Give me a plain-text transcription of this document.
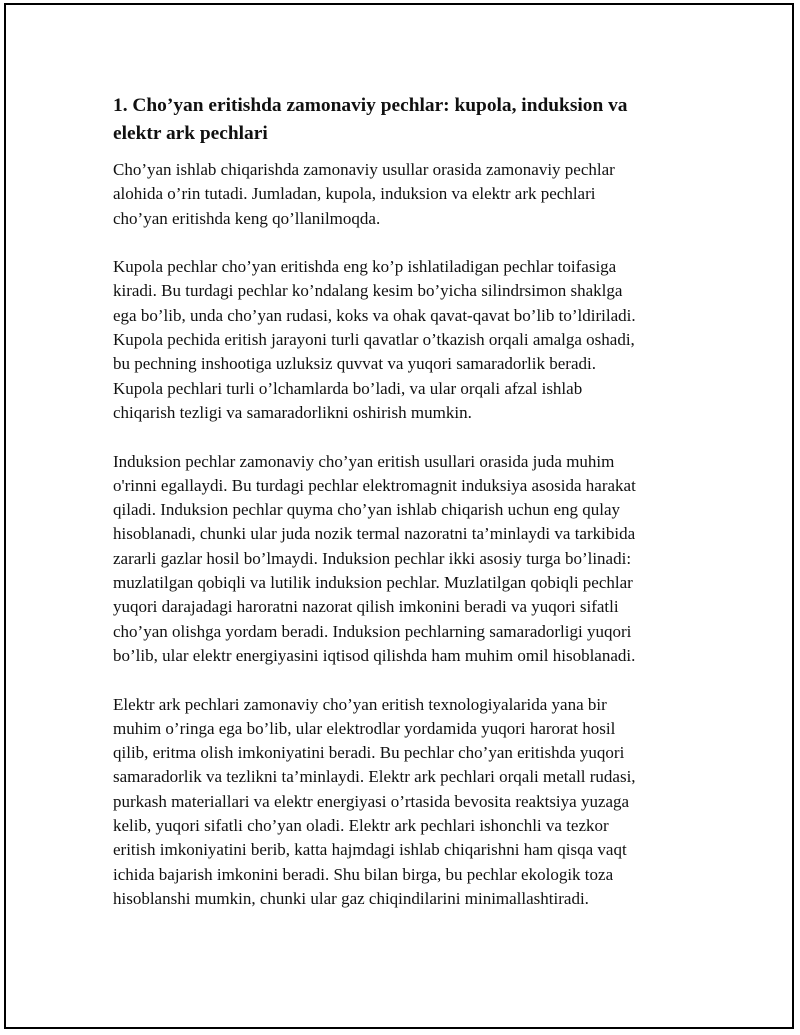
1. Cho’yan eritishda zamonaviy pechlar: kupola, induksion va
elektr ark pechlari

Cho’yan ishlab chiqarishda zamonaviy usullar orasida zamonaviy pechlar
alohida o’rin tutadi. Jumladan, kupola, induksion va elektr ark pechlari
cho’yan eritishda keng qo’llanilmoqda.

Kupola pechlar cho’yan eritishda eng ko’p ishlatiladigan pechlar toifasiga
kiradi. Bu turdagi pechlar ko’ndalang kesim bo’yicha silindrsimon shaklga
ega bo’lib, unda cho’yan rudasi, koks va ohak qavat-qavat bo’lib to’ldiriladi.
Kupola pechida eritish jarayoni turli qavatlar o’tkazish orqali amalga oshadi,
bu pechning inshootiga uzluksiz quvvat va yuqori samaradorlik beradi.
Kupola pechlari turli o’lchamlarda bo’ladi, va ular orqali afzal ishlab
chiqarish tezligi va samaradorlikni oshirish mumkin.

Induksion pechlar zamonaviy cho’yan eritish usullari orasida juda muhim
o'rinni egallaydi. Bu turdagi pechlar elektromagnit induksiya asosida harakat
qiladi. Induksion pechlar quyma cho’yan ishlab chiqarish uchun eng qulay
hisoblanadi, chunki ular juda nozik termal nazoratni ta’minlaydi va tarkibida
zararli gazlar hosil bo’lmaydi. Induksion pechlar ikki asosiy turga bo’linadi:
muzlatilgan qobiqli va lutilik induksion pechlar. Muzlatilgan qobiqli pechlar
yuqori darajadagi haroratni nazorat qilish imkonini beradi va yuqori sifatli
cho’yan olishga yordam beradi. Induksion pechlarning samaradorligi yuqori
bo’lib, ular elektr energiyasini iqtisod qilishda ham muhim omil hisoblanadi.

Elektr ark pechlari zamonaviy cho’yan eritish texnologiyalarida yana bir
muhim o’ringa ega bo’lib, ular elektrodlar yordamida yuqori harorat hosil
qilib, eritma olish imkoniyatini beradi. Bu pechlar cho’yan eritishda yuqori
samaradorlik va tezlikni ta’minlaydi. Elektr ark pechlari orqali metall rudasi,
purkash materiallari va elektr energiyasi o’rtasida bevosita reaktsiya yuzaga
kelib, yuqori sifatli cho’yan oladi. Elektr ark pechlari ishonchli va tezkor
eritish imkoniyatini berib, katta hajmdagi ishlab chiqarishni ham qisqa vaqt
ichida bajarish imkonini beradi. Shu bilan birga, bu pechlar ekologik toza
hisoblanshi mumkin, chunki ular gaz chiqindilarini minimallashtiradi.
